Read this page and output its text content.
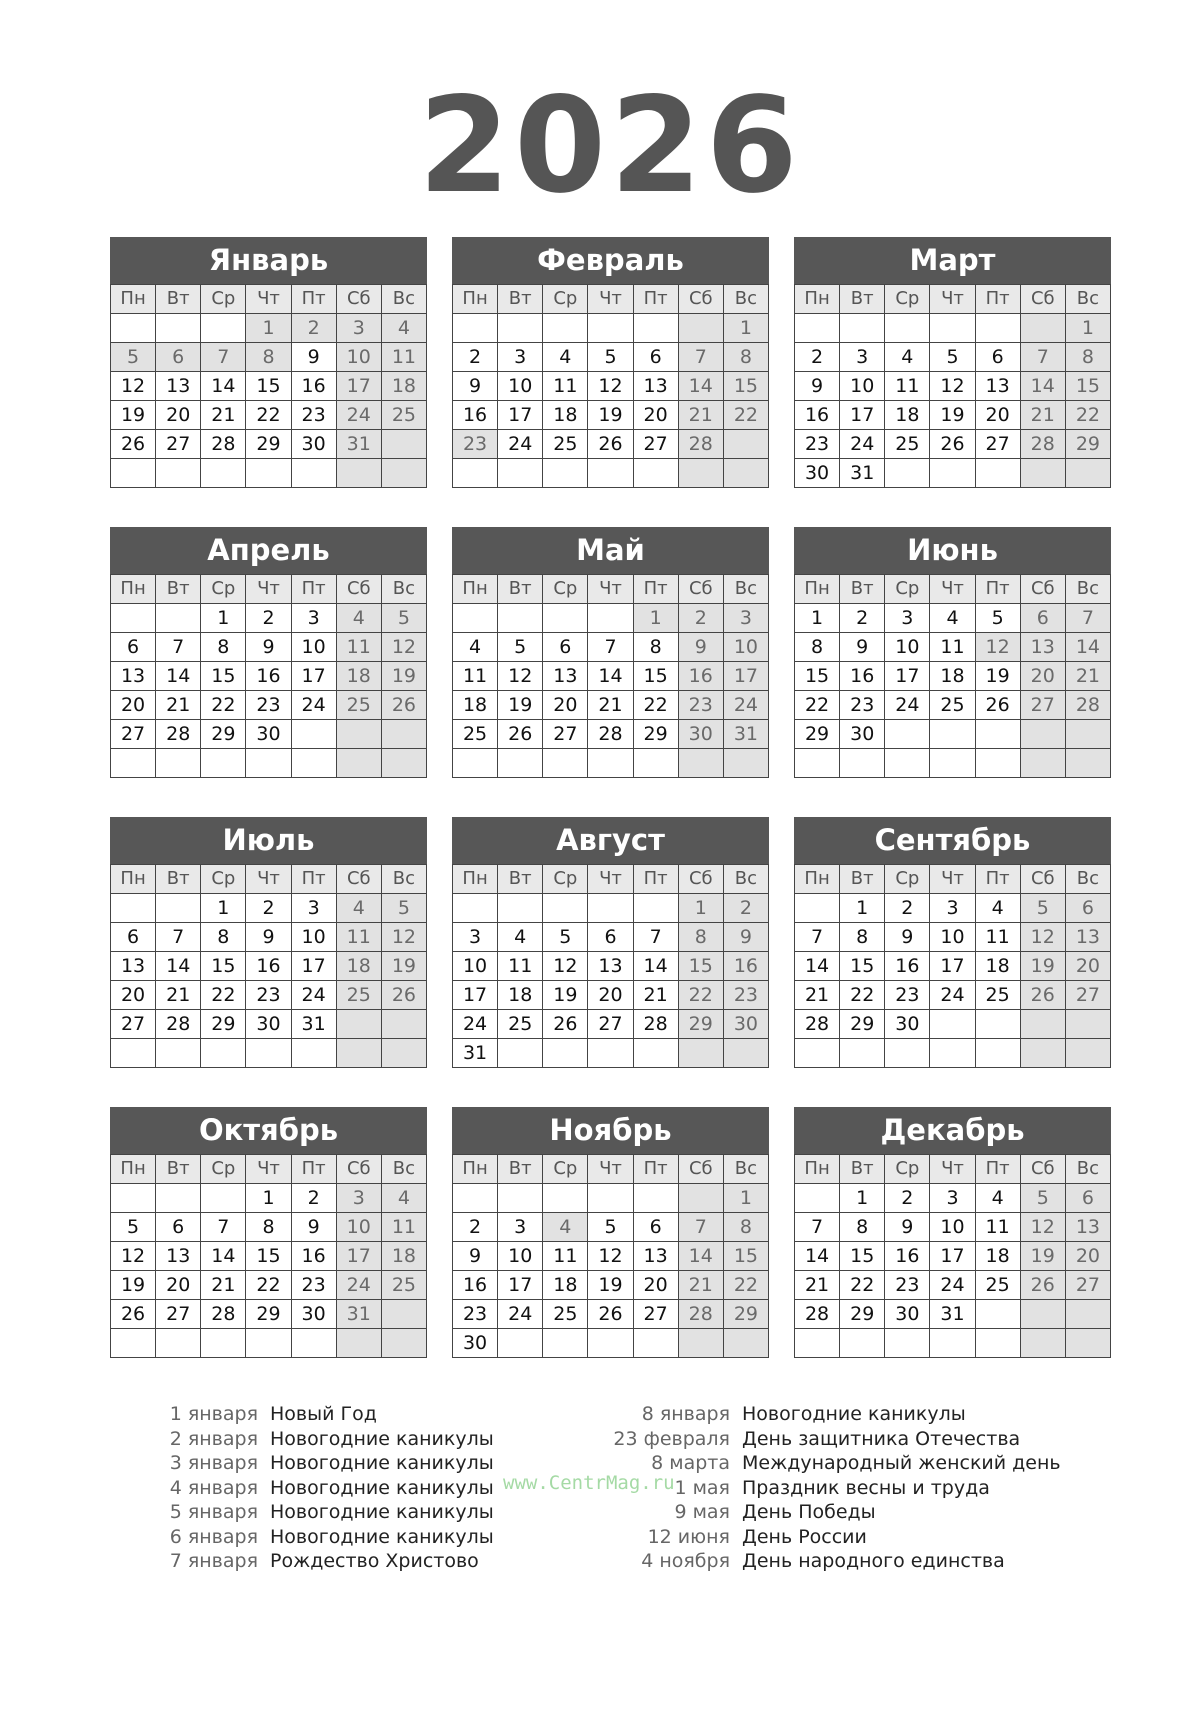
2026
Январь
Пн	Вт	Ср	Чт	Пт	Сб	Вс
			1	2	3	4
5	6	7	8	9	10	11
12	13	14	15	16	17	18
19	20	21	22	23	24	25
26	27	28	29	30	31	

Февраль
Пн	Вт	Ср	Чт	Пт	Сб	Вс
						1
2	3	4	5	6	7	8
9	10	11	12	13	14	15
16	17	18	19	20	21	22
23	24	25	26	27	28	

Март
Пн	Вт	Ср	Чт	Пт	Сб	Вс
						1
2	3	4	5	6	7	8
9	10	11	12	13	14	15
16	17	18	19	20	21	22
23	24	25	26	27	28	29
30	31					
Апрель
Пн	Вт	Ср	Чт	Пт	Сб	Вс
		1	2	3	4	5
6	7	8	9	10	11	12
13	14	15	16	17	18	19
20	21	22	23	24	25	26
27	28	29	30			

Май
Пн	Вт	Ср	Чт	Пт	Сб	Вс
				1	2	3
4	5	6	7	8	9	10
11	12	13	14	15	16	17
18	19	20	21	22	23	24
25	26	27	28	29	30	31

Июнь
Пн	Вт	Ср	Чт	Пт	Сб	Вс
1	2	3	4	5	6	7
8	9	10	11	12	13	14
15	16	17	18	19	20	21
22	23	24	25	26	27	28
29	30					

Июль
Пн	Вт	Ср	Чт	Пт	Сб	Вс
		1	2	3	4	5
6	7	8	9	10	11	12
13	14	15	16	17	18	19
20	21	22	23	24	25	26
27	28	29	30	31		

Август
Пн	Вт	Ср	Чт	Пт	Сб	Вс
					1	2
3	4	5	6	7	8	9
10	11	12	13	14	15	16
17	18	19	20	21	22	23
24	25	26	27	28	29	30
31						
Сентябрь
Пн	Вт	Ср	Чт	Пт	Сб	Вс
	1	2	3	4	5	6
7	8	9	10	11	12	13
14	15	16	17	18	19	20
21	22	23	24	25	26	27
28	29	30				

Октябрь
Пн	Вт	Ср	Чт	Пт	Сб	Вс
			1	2	3	4
5	6	7	8	9	10	11
12	13	14	15	16	17	18
19	20	21	22	23	24	25
26	27	28	29	30	31	

Ноябрь
Пн	Вт	Ср	Чт	Пт	Сб	Вс
						1
2	3	4	5	6	7	8
9	10	11	12	13	14	15
16	17	18	19	20	21	22
23	24	25	26	27	28	29
30						
Декабрь
Пн	Вт	Ср	Чт	Пт	Сб	Вс
	1	2	3	4	5	6
7	8	9	10	11	12	13
14	15	16	17	18	19	20
21	22	23	24	25	26	27
28	29	30	31			

1 января Новый Год
2 января Новогодние каникулы
3 января Новогодние каникулы
4 января Новогодние каникулы
5 января Новогодние каникулы
6 января Новогодние каникулы
7 января Рождество Христово
8 января Новогодние каникулы
23 февраля День защитника Отечества
8 марта Международный женский день
1 мая Праздник весны и труда
9 мая День Победы
12 июня День России
4 ноября День народного единства
www.CentrMag.ru
